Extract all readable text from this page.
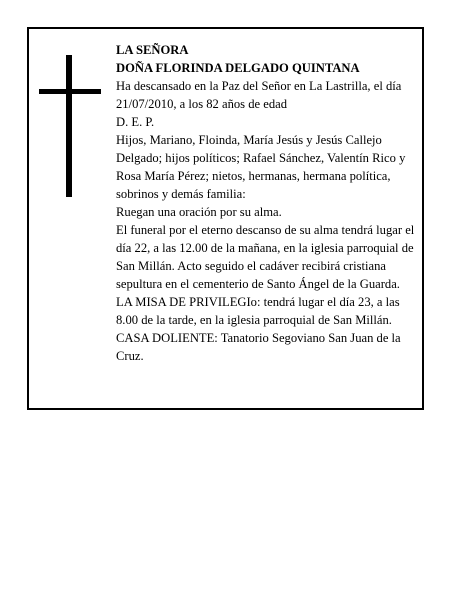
LA SEÑORA

DOÑA FLORINDA DELGADO QUINTANA

Ha descansado en la Paz del Señor en La Lastrilla, el día 21/07/2010, a los 82 años de edad

D. E. P.

Hijos, Mariano, Floinda, María Jesús y Jesús Callejo Delgado; hijos políticos; Rafael Sánchez, Valentín Rico y Rosa María Pérez; nietos, hermanas, hermana política, sobrinos y demás familia:

Ruegan una oración por su alma.

El funeral por el eterno descanso de su alma tendrá lugar el día 22, a las 12.00 de la mañana, en la iglesia parroquial de San Millán. Acto seguido el cadáver recibirá cristiana sepultura en el cementerio de Santo Ángel de la Guarda.

LA MISA DE PRIVILEGIo: tendrá lugar el día 23, a las 8.00 de la tarde, en la iglesia parroquial de San Millán. CASA DOLIENTE: Tanatorio Segoviano San Juan de la Cruz.
